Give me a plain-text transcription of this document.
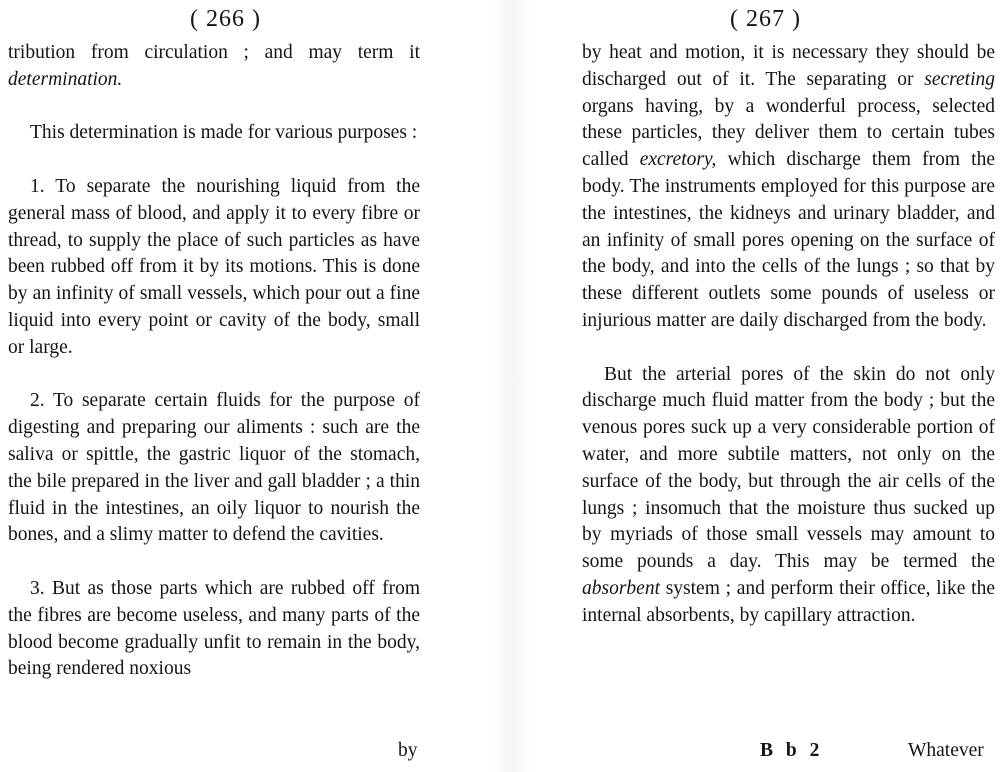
( 266 )

tribution from circulation ; and may term it determination.

This determination is made for various purposes :

1. To separate the nourishing liquid from the general mass of blood, and apply it to every fibre or thread, to supply the place of such particles as have been rubbed off from it by its motions. This is done by an infinity of small vessels, which pour out a fine liquid into every point or cavity of the body, small or large.

2. To separate certain fluids for the purpose of digesting and preparing our aliments : such are the saliva or spittle, the gastric liquor of the stomach, the bile prepared in the liver and gall bladder ; a thin fluid in the intestines, an oily liquor to nourish the bones, and a slimy matter to defend the cavities.

3. But as those parts which are rubbed off from the fibres are become useless, and many parts of the blood become gradually unfit to remain in the body, being rendered noxious

by
( 267 )

by heat and motion, it is necessary they should be discharged out of it. The separating or secreting organs having, by a wonderful process, selected these particles, they deliver them to certain tubes called excretory, which discharge them from the body. The instruments employed for this purpose are the intestines, the kidneys and urinary bladder, and an infinity of small pores opening on the surface of the body, and into the cells of the lungs ; so that by these different outlets some pounds of useless or injurious matter are daily discharged from the body.

But the arterial pores of the skin do not only discharge much fluid matter from the body ; but the venous pores suck up a very considerable portion of water, and more subtile matters, not only on the surface of the body, but through the air cells of the lungs ; insomuch that the moisture thus sucked up by myriads of those small vessels may amount to some pounds a day. This may be termed the absorbent system ; and perform their office, like the internal absorbents, by capillary attraction.

B b 2	Whatever
